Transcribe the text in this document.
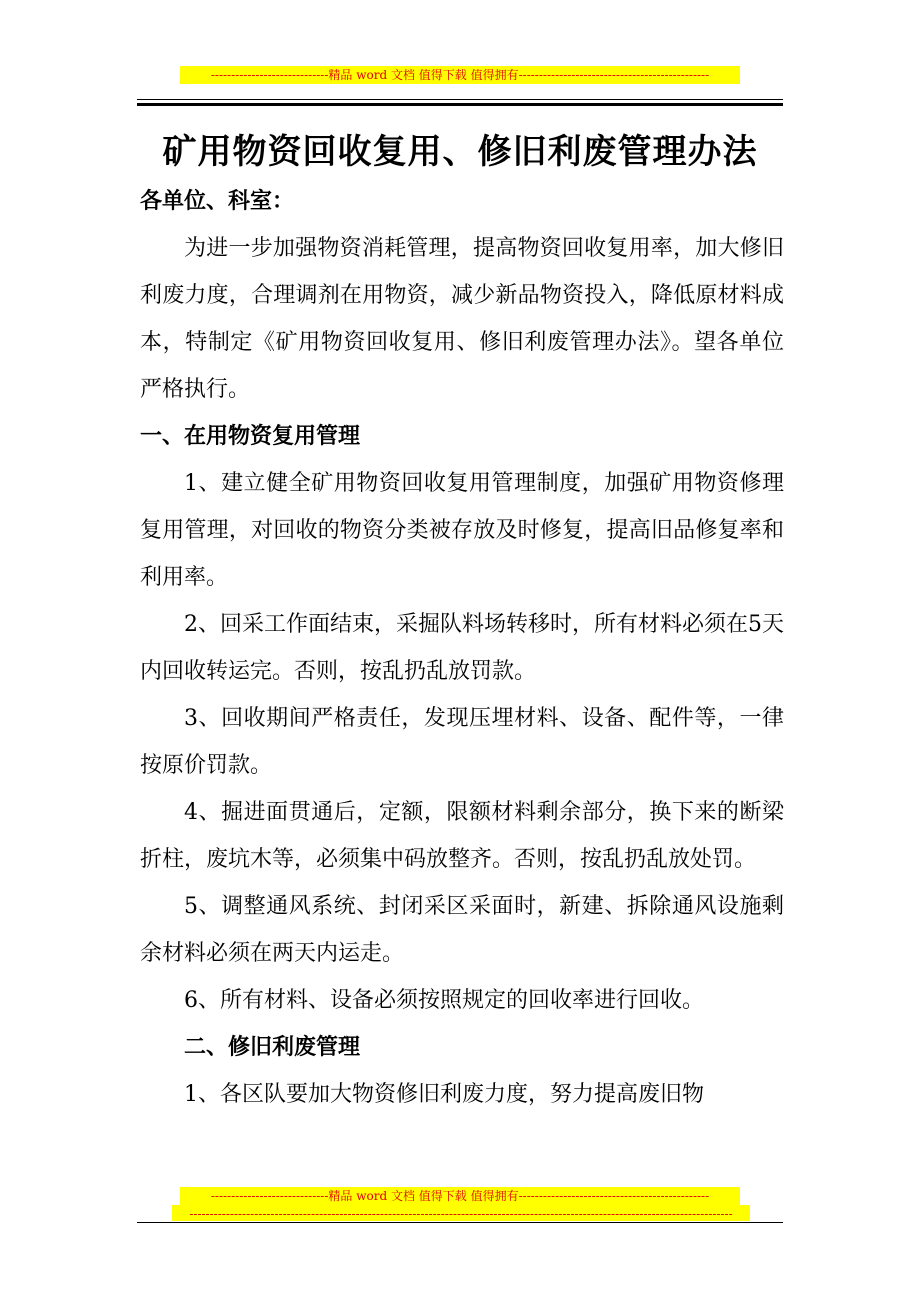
-----------------------------精品 word 文档 值得下载 值得拥有-----------------------------------------------
矿用物资回收复用、修旧利废管理办法

各单位、科室：

为进一步加强物资消耗管理，提高物资回收复用率，加大修旧利废力度，合理调剂在用物资，减少新品物资投入，降低原材料成本，特制定《矿用物资回收复用、修旧利废管理办法》。望各单位严格执行。

一、在用物资复用管理

1、建立健全矿用物资回收复用管理制度，加强矿用物资修理复用管理，对回收的物资分类被存放及时修复，提高旧品修复率和利用率。

2、回采工作面结束，采掘队料场转移时，所有材料必须在5天内回收转运完。否则，按乱扔乱放罚款。

3、回收期间严格责任，发现压埋材料、设备、配件等，一律按原价罚款。

4、掘进面贯通后，定额，限额材料剩余部分，换下来的断梁折柱，废坑木等，必须集中码放整齐。否则，按乱扔乱放处罚。

5、调整通风系统、封闭采区采面时，新建、拆除通风设施剩余材料必须在两天内运走。

6、所有材料、设备必须按照规定的回收率进行回收。

二、修旧利废管理

1、各区队要加大物资修旧利废力度，努力提高废旧物

-----------------------------精品 word 文档 值得下载 值得拥有-----------------------------------------------
--------------------------------------------------------------------------------------------------------------------------------------
